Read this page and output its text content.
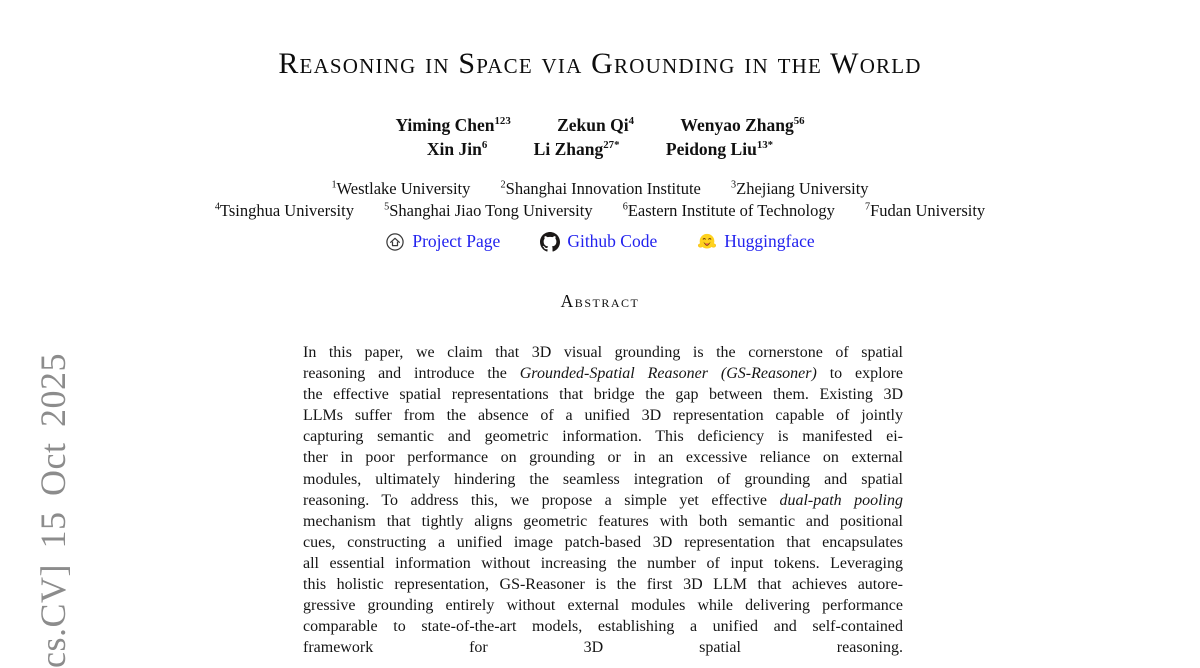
cs.CV] 15 Oct 2025
Reasoning in Space via Grounding in the World
Yiming Chen$^{123}$	Zekun Qi$^4$	Wenyao Zhang$^{56}$
Xin Jin$^6$	Li Zhang$^{27*}$	Peidong Liu$^{13*}$
$^1$Westlake University	$^2$Shanghai Innovation Institute	$^3$Zhejiang University
$^4$Tsinghua University	$^5$Shanghai Jiao Tong University	$^6$Eastern Institute of Technology	$^7$Fudan University
Project Page	Github Code	Huggingface
Abstract
In this paper, we claim that 3D visual grounding is the cornerstone of spatial
reasoning and introduce the Grounded-Spatial Reasoner (GS-Reasoner) to explore
the effective spatial representations that bridge the gap between them. Existing 3D
LLMs suffer from the absence of a unified 3D representation capable of jointly
capturing semantic and geometric information. This deficiency is manifested ei-
ther in poor performance on grounding or in an excessive reliance on external
modules, ultimately hindering the seamless integration of grounding and spatial
reasoning. To address this, we propose a simple yet effective dual-path pooling
mechanism that tightly aligns geometric features with both semantic and positional
cues, constructing a unified image patch-based 3D representation that encapsulates
all essential information without increasing the number of input tokens. Leveraging
this holistic representation, GS-Reasoner is the first 3D LLM that achieves autore-
gressive grounding entirely without external modules while delivering performance
comparable to state-of-the-art models, establishing a unified and self-contained
framework for 3D spatial reasoning.
